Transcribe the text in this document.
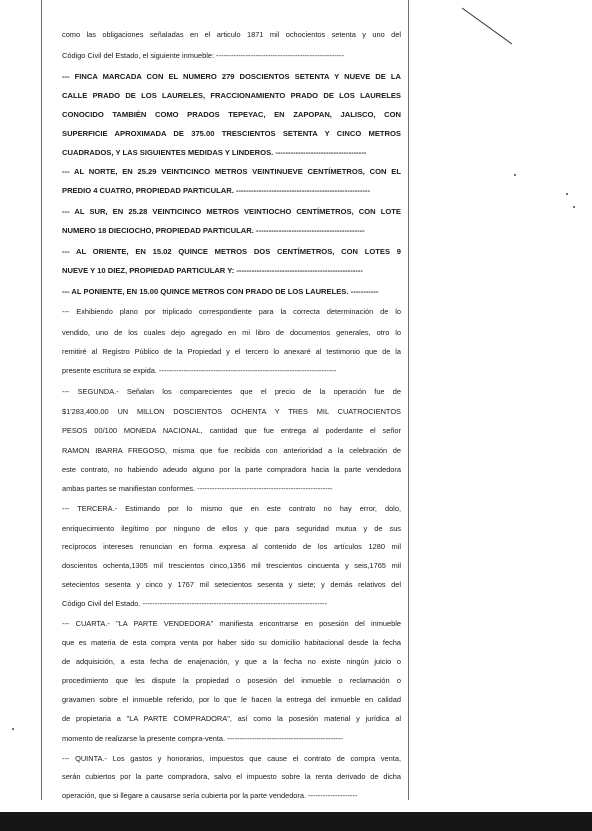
como las obligaciones señaladas en el articulo 1871 mil ochocientos setenta y uno del
Código Civil del Estado, el siguiente inmueble: ----------------------------------------------------
--- FINCA MARCADA CON EL NUMERO 279 DOSCIENTOS SETENTA Y NUEVE DE LA
CALLE PRADO DE LOS LAURELES, FRACCIONAMIENTO PRADO DE LOS LAURELES
CONOCIDO TAMBIÉN COMO PRADOS TEPEYAC, EN ZAPOPAN, JALISCO, CON
SUPERFICIE APROXIMADA DE 375.00 TRESCIENTOS SETENTA Y CINCO METROS
CUADRADOS, Y LAS SIGUIENTES MEDIDAS Y LINDEROS. ------------------------------------
--- AL NORTE, EN 25.29 VEINTICINCO METROS VEINTINUEVE CENTÍMETROS, CON EL
PREDIO 4 CUATRO, PROPIEDAD PARTICULAR. -----------------------------------------------------
--- AL SUR, EN 25.28 VEINTICINCO METROS VEINTIOCHO CENTÍMETROS, CON LOTE
NUMERO 18 DIECIOCHO, PROPIEDAD PARTICULAR. -------------------------------------------
--- AL ORIENTE, EN 15.02 QUINCE METROS DOS CENTÍMETROS, CON LOTES 9
NUEVE Y 10 DIEZ, PROPIEDAD PARTICULAR Y: --------------------------------------------------
--- AL PONIENTE, EN 15.00 QUINCE METROS CON PRADO DE LOS LAURELES. -----------
--- Exhibiendo plano por triplicado correspondiente para la correcta determinación de lo
vendido, uno de los cuales dejo agregado en mi libro de documentos generales, otro lo
remitiré al Registro Público de la Propiedad y el tercero lo anexaré al testimonio que de la
presente escritura se expida. ------------------------------------------------------------------------
--- SEGUNDA.- Señalan los comparecientes que el precio de la operación fue de
$1'283,400.00 UN MILLON DOSCIENTOS OCHENTA Y TRES MIL CUATROCIENTOS
PESOS 00/100 MONEDA NACIONAL, cantidad que fue entrega al poderdante el señor
RAMON IBARRA FREGOSO, misma que fue recibida con anterioridad a la celebración de
este contrato, no habiendo adeudo alguno por la parte compradora hacia la parte vendedora
ambas partes se manifiestan conformes. -------------------------------------------------------
--- TERCERA.- Estimando por lo mismo que en este contrato no hay error, dolo,
enriquecimiento ilegítimo por ninguno de ellos y que para seguridad mutua y de sus
recíprocos intereses renuncian en forma expresa al contenido de los artículos 1280 mil
doscientos ochenta,1305 mil trescientos cinco,1356 mil trescientos cincuenta y seis,1765 mil
setecientos sesenta y cinco y 1767 mil setecientos sesenta y siete; y demás relativos del
Código Civil del Estado. ---------------------------------------------------------------------------
--- CUARTA.- "LA PARTE VENDEDORA" manifiesta encontrarse en posesión del inmueble
que es materia de esta compra venta por haber sido su domicilio habitacional desde la fecha
de adquisición, a esta fecha de enajenación, y que a la fecha no existe ningún juicio o
procedimiento que les dispute la propiedad o posesión del inmueble o reclamación o
gravamen sobre el inmueble referido, por lo que le hacen la entrega del inmueble en calidad
de propietaria a "LA PARTE COMPRADORA", así como la posesión material y jurídica al
momento de realizarse la presente compra-venta. -----------------------------------------------
--- QUINTA.- Los gastos y honorarios, impuestos que cause el contrato de compra venta,
serán cubiertos por la parte compradora, salvo el impuesto sobre la renta derivado de dicha
operación, que si llegare a causarse sería cubierta por la parte vendedora. --------------------
